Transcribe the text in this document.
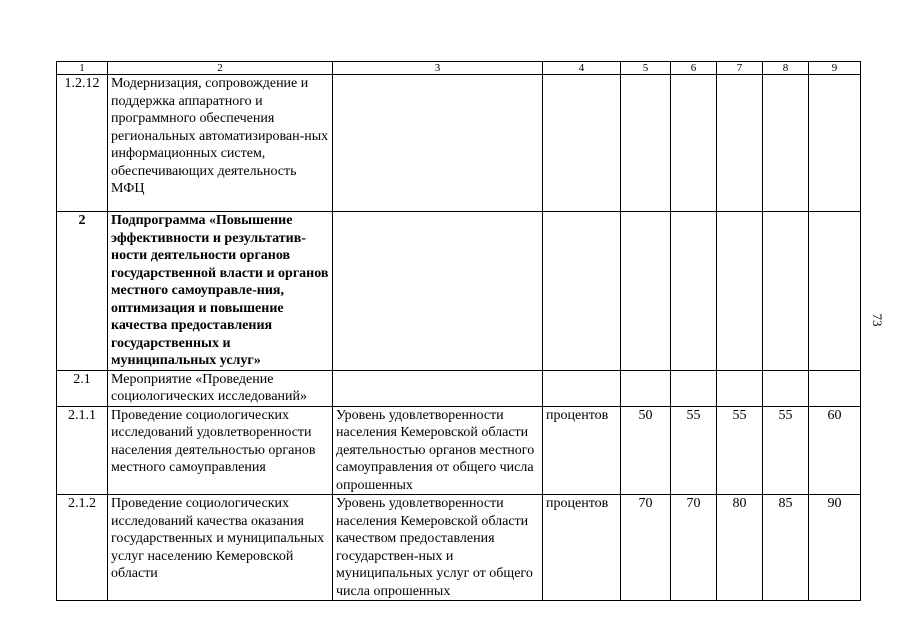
1	2	3	4	5	6	7	8	9
1.2.12	Модернизация, сопровождение и поддержка аппаратного и программного обеспечения региональных автоматизирован-ных информационных систем, обеспечивающих деятельность МФЦ							
2	Подпрограмма «Повышение эффективности и результатив-ности деятельности органов государственной власти и органов местного самоуправле-ния, оптимизация и повышение качества предоставления государственных и муниципальных услуг»							
2.1	Мероприятие «Проведение социологических исследований»							
2.1.1	Проведение социологических исследований удовлетворенности населения деятельностью органов местного самоуправления	Уровень удовлетворенности населения Кемеровской области деятельностью органов местного самоуправления от общего числа опрошенных	процентов	50	55	55	55	60
2.1.2	Проведение социологических исследований качества оказания государственных и муниципальных услуг населению Кемеровской области	Уровень удовлетворенности населения Кемеровской области качеством предоставления государствен-ных и муниципальных услуг от общего числа опрошенных	процентов	70	70	80	85	90
73
